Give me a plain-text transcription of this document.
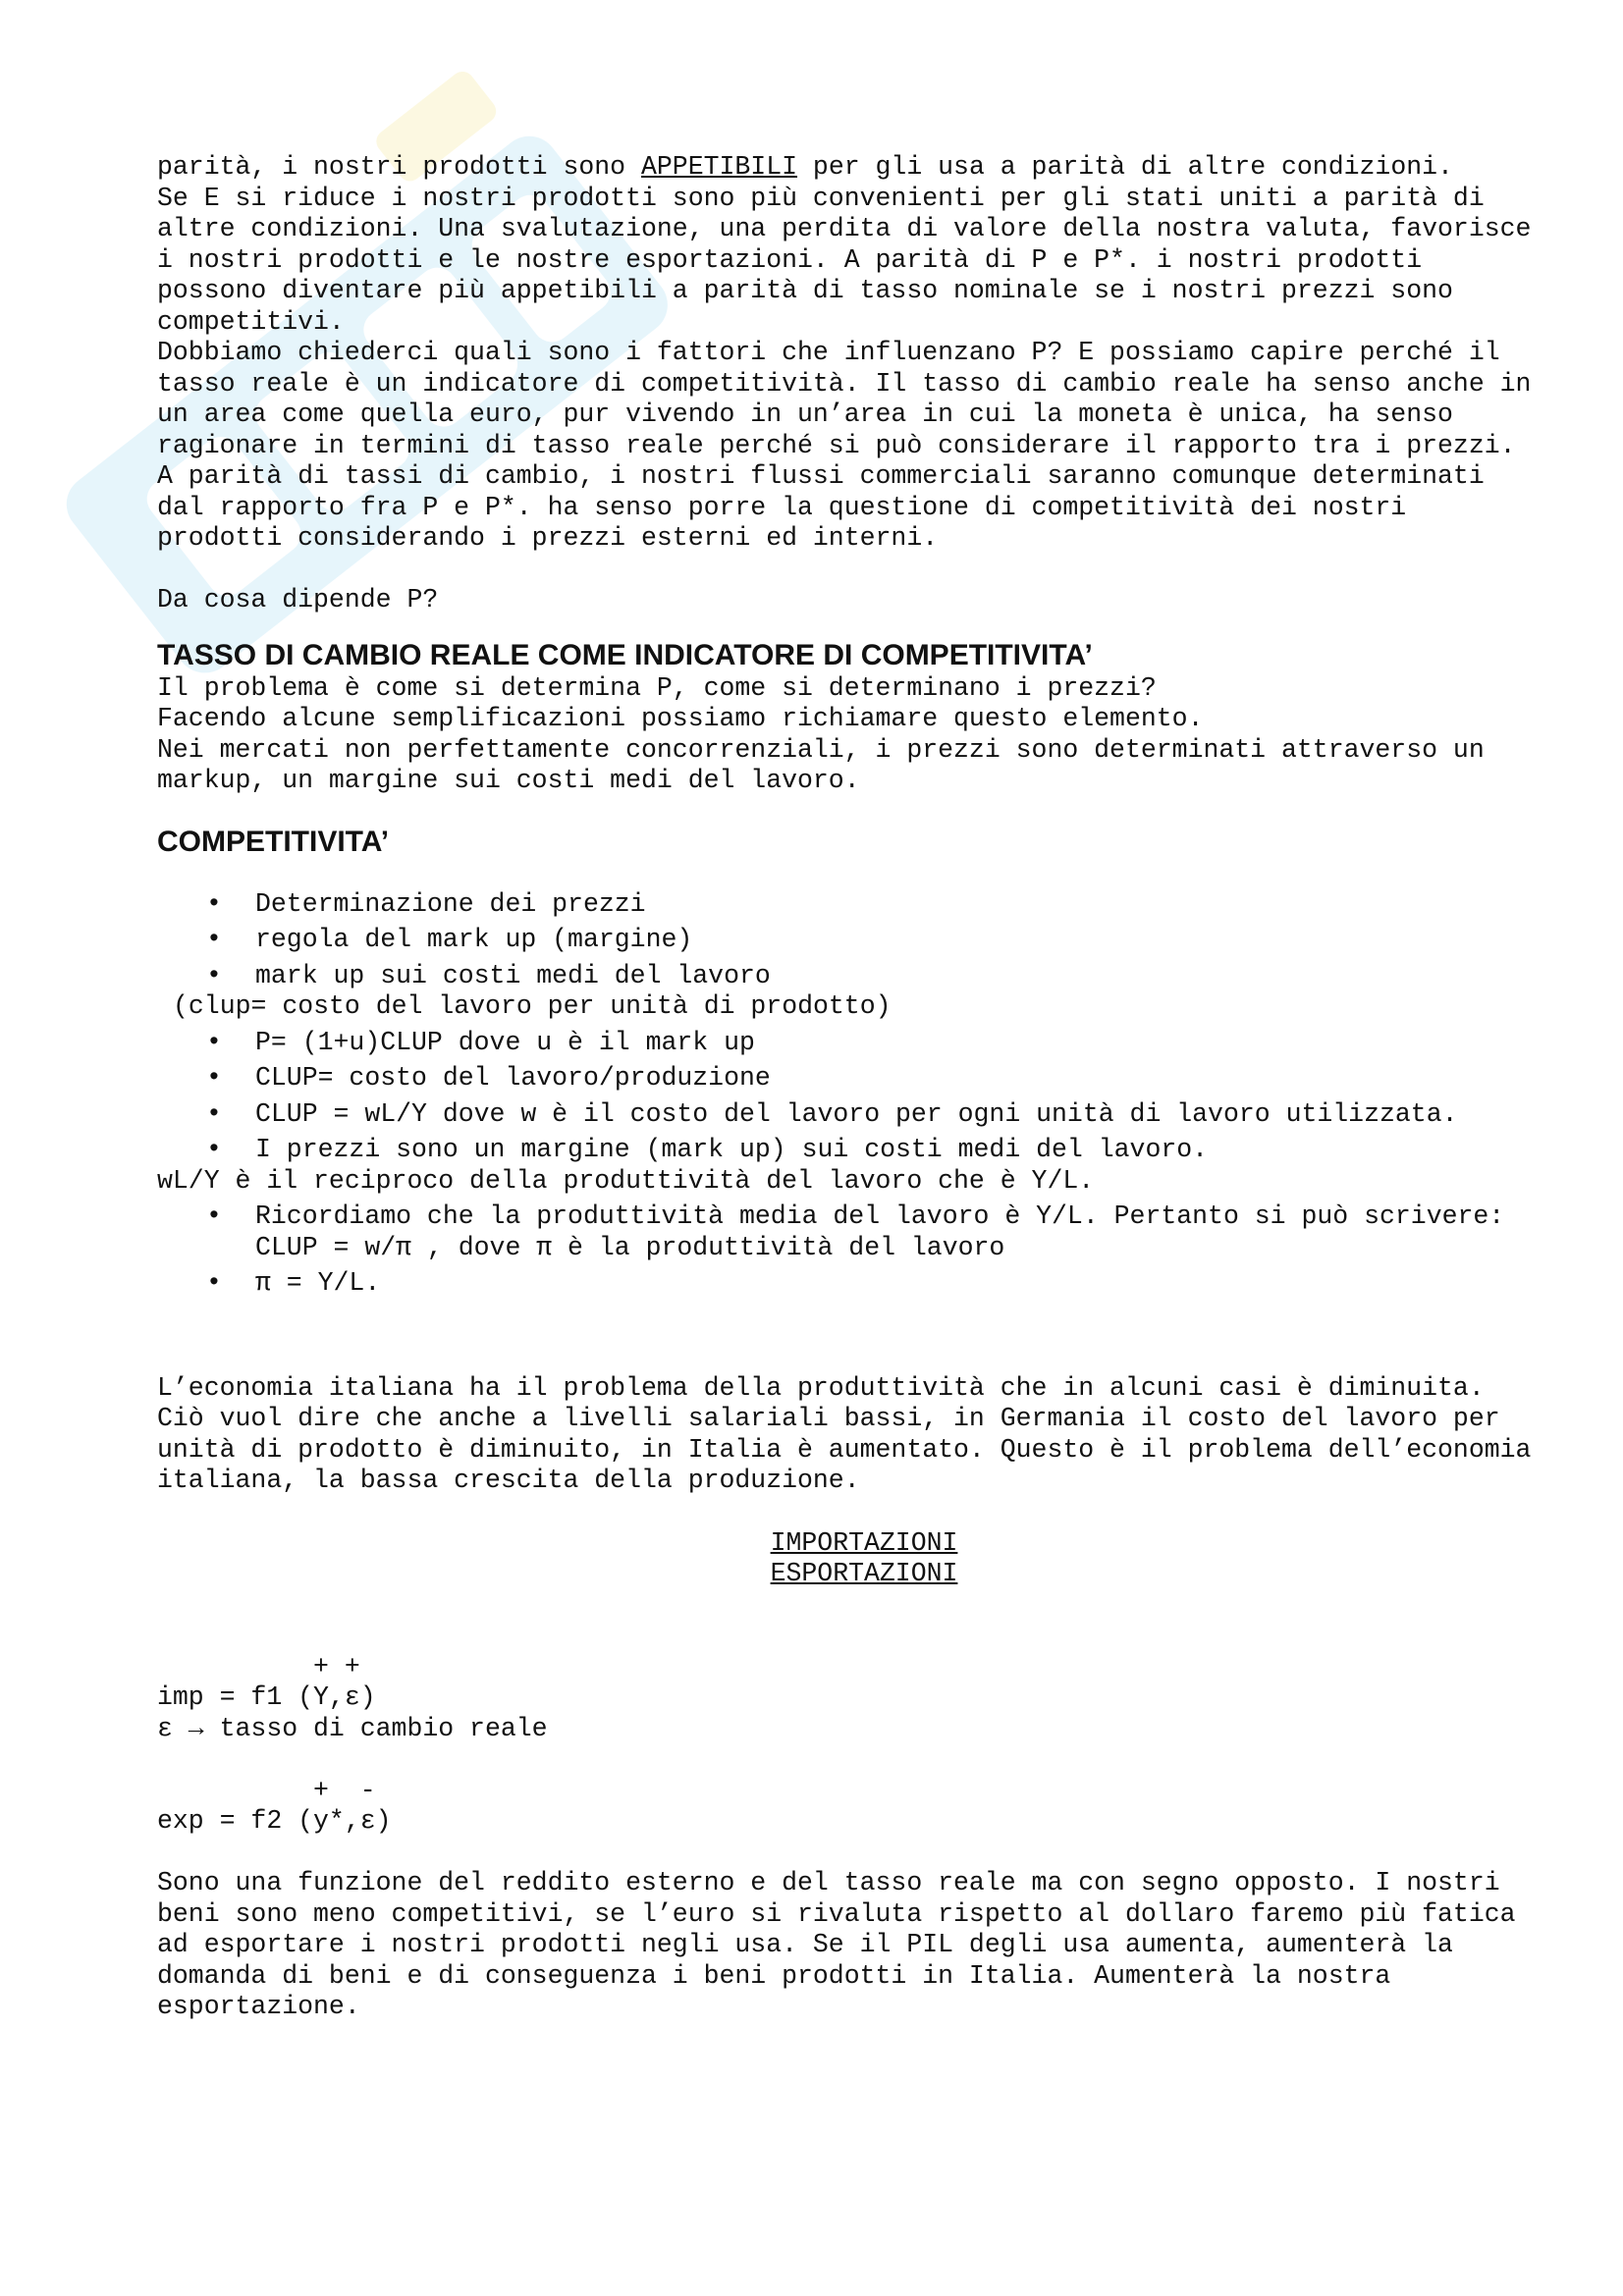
parità, i nostri prodotti sono APPETIBILI per gli usa a parità di altre condizioni.

Se E si riduce i nostri prodotti sono più convenienti per gli stati uniti a parità di altre condizioni. Una svalutazione, una perdita di valore della nostra valuta, favorisce i nostri prodotti e le nostre esportazioni. A parità di P e P*. i nostri prodotti possono diventare più appetibili a parità di tasso nominale se i nostri prezzi sono competitivi.

Dobbiamo chiederci quali sono i fattori che influenzano P? E possiamo capire perché il tasso reale è un indicatore di competitività. Il tasso di cambio reale ha senso anche in un area come quella euro, pur vivendo in un’area in cui la moneta è unica, ha senso ragionare in termini di tasso reale perché si può considerare il rapporto tra i prezzi. A parità di tassi di cambio, i nostri flussi commerciali saranno comunque determinati dal rapporto fra P e P*. ha senso porre la questione di competitività dei nostri prodotti considerando i prezzi esterni ed interni.

Da cosa dipende P?

TASSO DI CAMBIO REALE COME INDICATORE DI COMPETITIVITA’

Il problema è come si determina P, come si determinano i prezzi?

Facendo alcune semplificazioni possiamo richiamare questo elemento.

Nei mercati non perfettamente concorrenziali, i prezzi sono determinati attraverso un markup, un margine sui costi medi del lavoro.

COMPETITIVITA’
• Determinazione dei prezzi
• regola del mark up (margine)
• mark up sui costi medi del lavoro

(clup= costo del lavoro per unità di prodotto)

• P= (1+u)CLUP dove u è il mark up
• CLUP= costo del lavoro/produzione
• CLUP = wL/Y dove w è il costo del lavoro per ogni unità di lavoro utilizzata.
• I prezzi sono un margine (mark up) sui costi medi del lavoro.

wL/Y è il reciproco della produttività del lavoro che è Y/L.

• Ricordiamo che la produttività media del lavoro è Y/L. Pertanto si può scrivere: CLUP = w/π , dove π è la produttività del lavoro
• π = Y/L.

L’economia italiana ha il problema della produttività che in alcuni casi è diminuita. Ciò vuol dire che anche a livelli salariali bassi, in Germania il costo del lavoro per unità di prodotto è diminuito, in Italia è aumentato. Questo è il problema dell’economia italiana, la bassa crescita della produzione.

IMPORTAZIONI

ESPORTAZIONI

+ +

imp = f1 (Y,ε)

ε → tasso di cambio reale

+  -

exp = f2 (y*,ε)

Sono una funzione del reddito esterno e del tasso reale ma con segno opposto. I nostri beni sono meno competitivi, se l’euro si rivaluta rispetto al dollaro faremo più fatica ad esportare i nostri prodotti negli usa. Se il PIL degli usa aumenta, aumenterà la domanda di beni e di conseguenza i beni prodotti in Italia. Aumenterà la nostra esportazione.
